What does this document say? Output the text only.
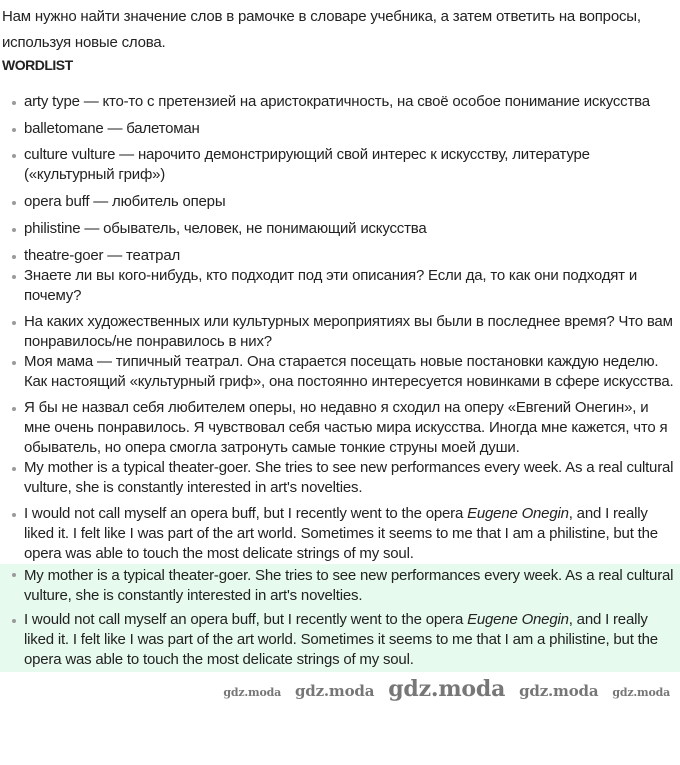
Нам нужно найти значение слов в рамочке в словаре учебника, а затем ответить на вопросы, используя новые слова.
WORDLIST
arty type — кто-то с претензией на аристократичность, на своё особое понимание искусства
balletomane — балетоман
culture vulture — нарочито демонстрирующий свой интерес к искусству, литературе («культурный гриф»)
opera buff — любитель оперы
philistine — обыватель, человек, не понимающий искусства
theatre-goer — театрал
Знаете ли вы кого-нибудь, кто подходит под эти описания? Если да, то как они подходят и почему?
На каких художественных или культурных мероприятиях вы были в последнее время? Что вам понравилось/не понравилось в них?
Моя мама — типичный театрал. Она старается посещать новые постановки каждую неделю. Как настоящий «культурный гриф», она постоянно интересуется новинками в сфере искусства.
Я бы не назвал себя любителем оперы, но недавно я сходил на оперу «Евгений Онегин», и мне очень понравилось. Я чувствовал себя частью мира искусства. Иногда мне кажется, что я обыватель, но опера смогла затронуть самые тонкие струны моей души.
My mother is a typical theater-goer. She tries to see new performances every week. As a real cultural vulture, she is constantly interested in art's novelties.
I would not call myself an opera buff, but I recently went to the opera Eugene Onegin, and I really liked it. I felt like I was part of the art world. Sometimes it seems to me that I am a philistine, but the opera was able to touch the most delicate strings of my soul.
My mother is a typical theater-goer. She tries to see new performances every week. As a real cultural vulture, she is constantly interested in art's novelties.
I would not call myself an opera buff, but I recently went to the opera Eugene Onegin, and I really liked it. I felt like I was part of the art world. Sometimes it seems to me that I am a philistine, but the opera was able to touch the most delicate strings of my soul.
gdz.moda gdz.moda gdz.moda gdz.moda gdz.moda
